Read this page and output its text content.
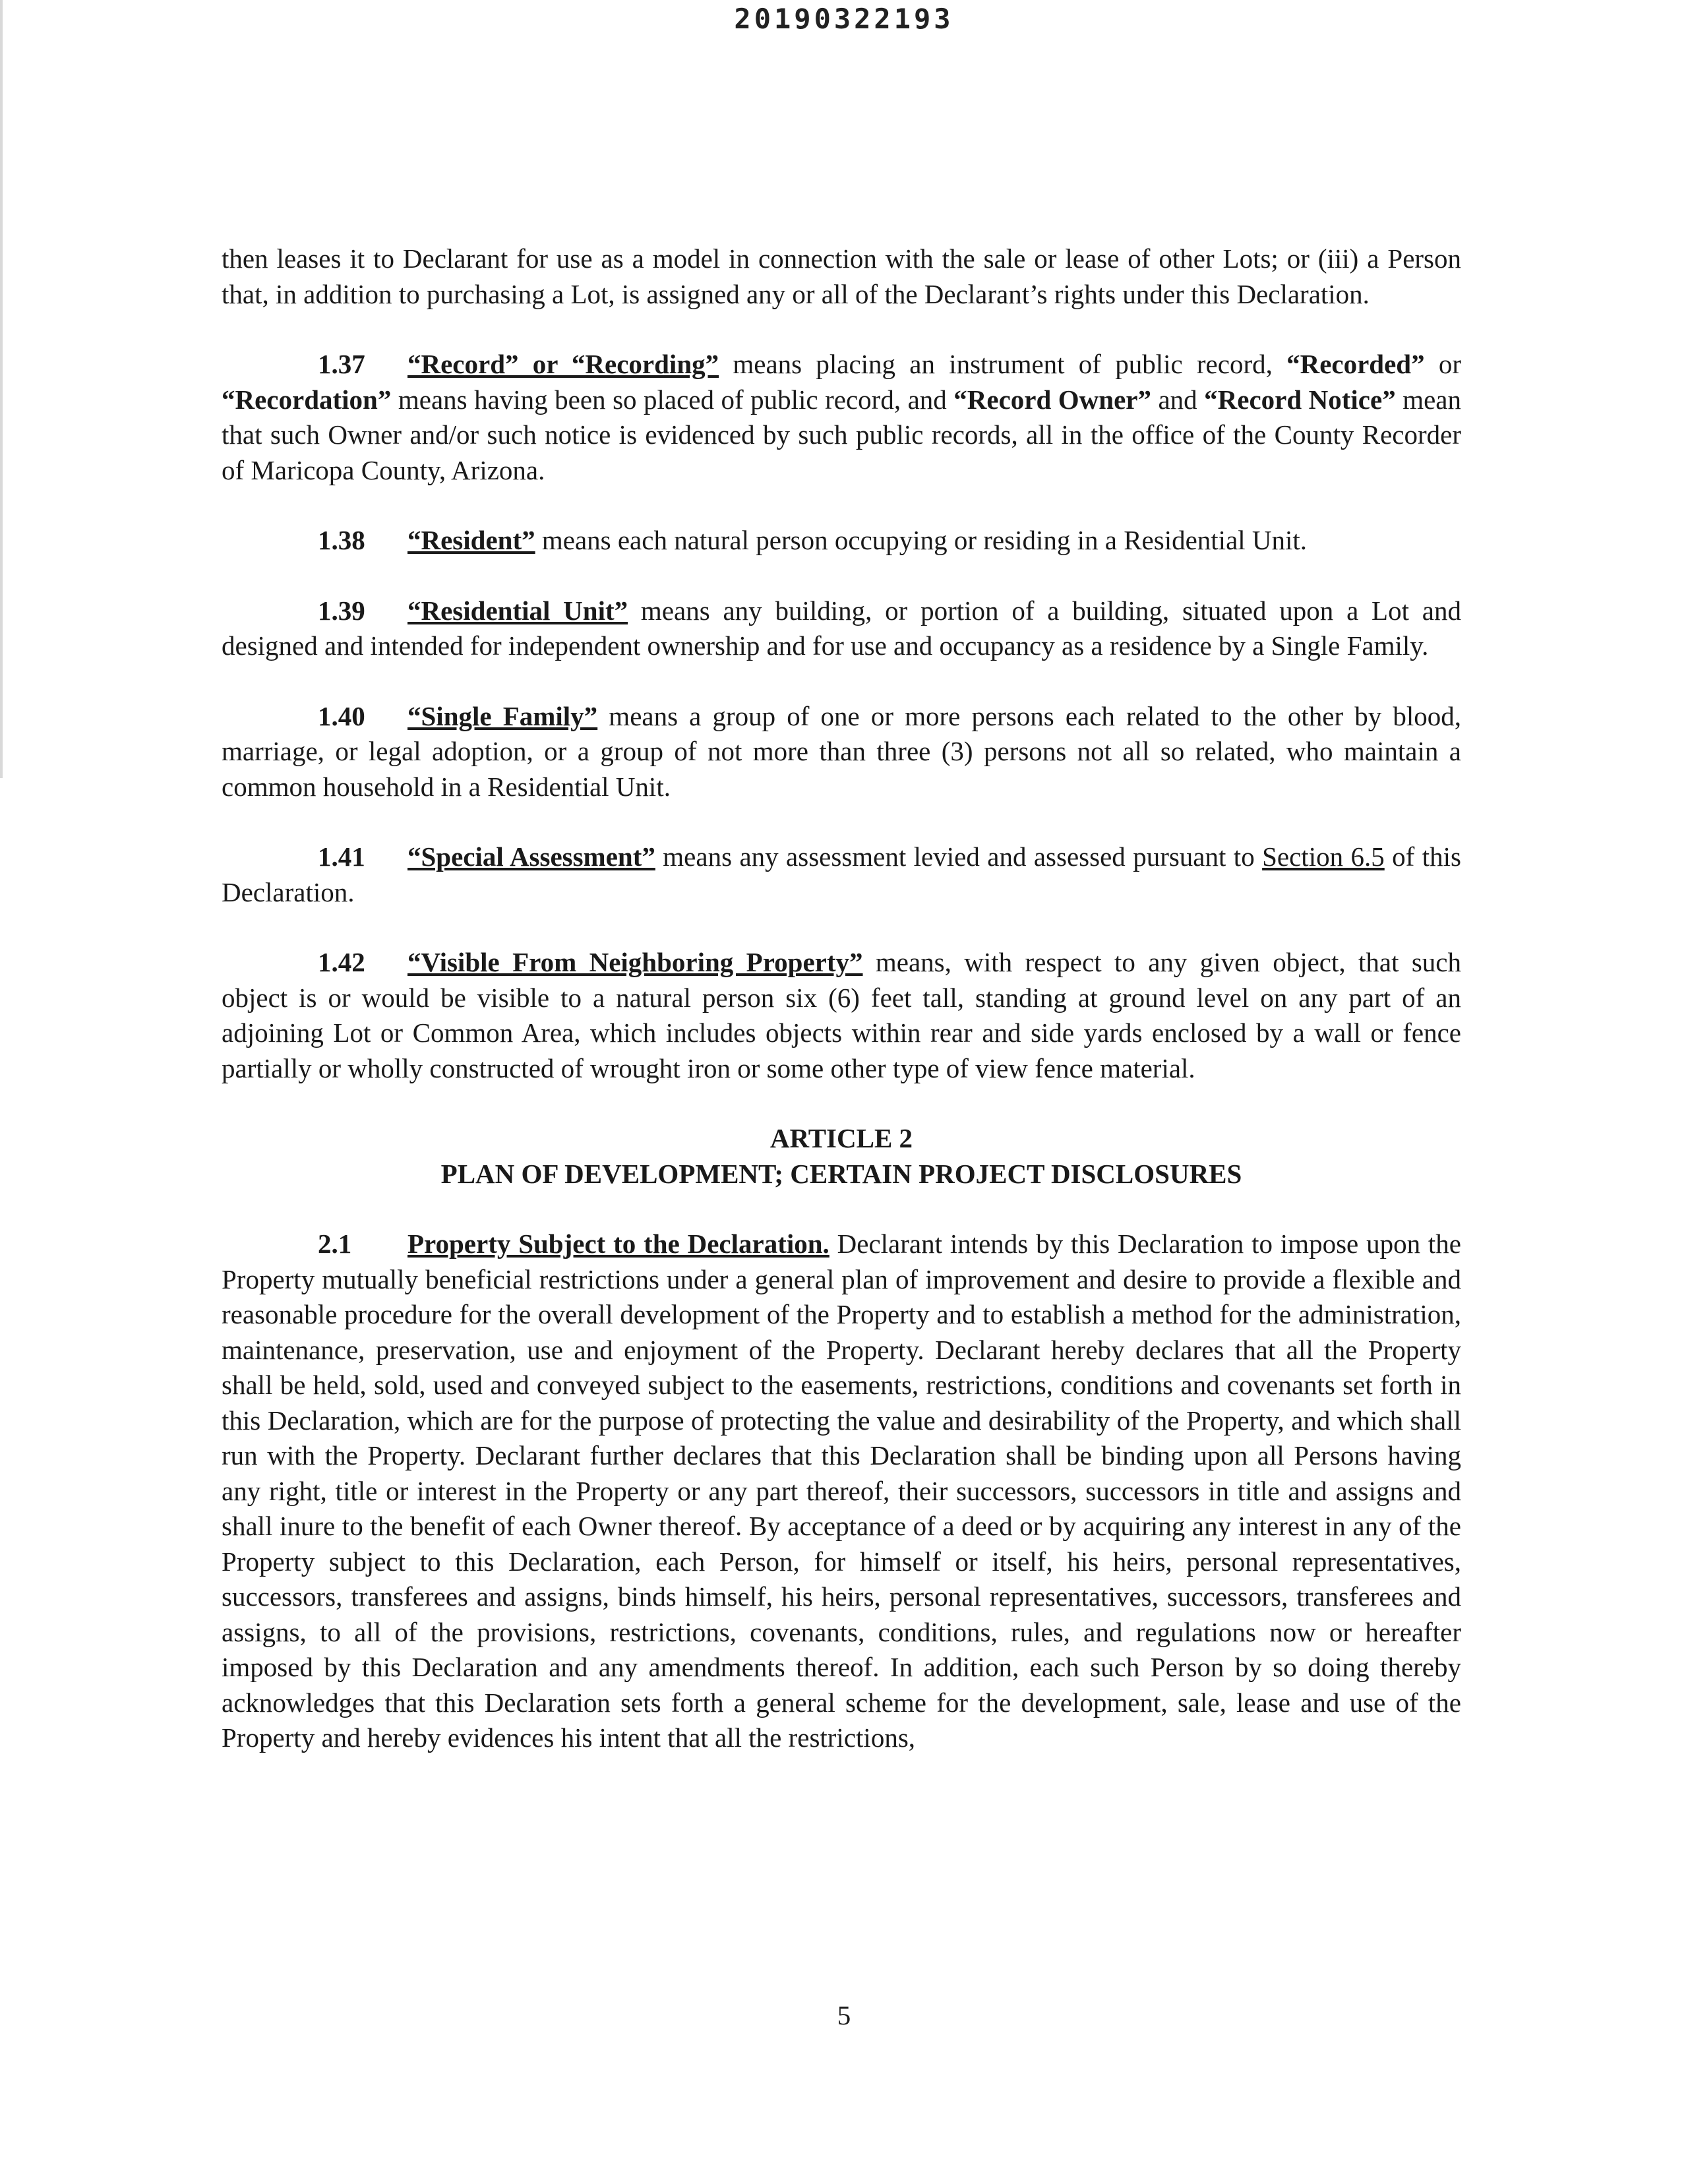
20190322193

then leases it to Declarant for use as a model in connection with the sale or lease of other Lots; or (iii) a Person that, in addition to purchasing a Lot, is assigned any or all of the Declarant’s rights under this Declaration.

1.37 “Record” or “Recording” means placing an instrument of public record, “Recorded” or “Recordation” means having been so placed of public record, and “Record Owner” and “Record Notice” mean that such Owner and/or such notice is evidenced by such public records, all in the office of the County Recorder of Maricopa County, Arizona.

1.38 “Resident” means each natural person occupying or residing in a Residential Unit.

1.39 “Residential Unit” means any building, or portion of a building, situated upon a Lot and designed and intended for independent ownership and for use and occupancy as a residence by a Single Family.

1.40 “Single Family” means a group of one or more persons each related to the other by blood, marriage, or legal adoption, or a group of not more than three (3) persons not all so related, who maintain a common household in a Residential Unit.

1.41 “Special Assessment” means any assessment levied and assessed pursuant to Section 6.5 of this Declaration.

1.42 “Visible From Neighboring Property” means, with respect to any given object, that such object is or would be visible to a natural person six (6) feet tall, standing at ground level on any part of an adjoining Lot or Common Area, which includes objects within rear and side yards enclosed by a wall or fence partially or wholly constructed of wrought iron or some other type of view fence material.

ARTICLE 2
PLAN OF DEVELOPMENT; CERTAIN PROJECT DISCLOSURES

2.1 Property Subject to the Declaration. Declarant intends by this Declaration to impose upon the Property mutually beneficial restrictions under a general plan of improvement and desire to provide a flexible and reasonable procedure for the overall development of the Property and to establish a method for the administration, maintenance, preservation, use and enjoyment of the Property. Declarant hereby declares that all the Property shall be held, sold, used and conveyed subject to the easements, restrictions, conditions and covenants set forth in this Declaration, which are for the purpose of protecting the value and desirability of the Property, and which shall run with the Property. Declarant further declares that this Declaration shall be binding upon all Persons having any right, title or interest in the Property or any part thereof, their successors, successors in title and assigns and shall inure to the benefit of each Owner thereof. By acceptance of a deed or by acquiring any interest in any of the Property subject to this Declaration, each Person, for himself or itself, his heirs, personal representatives, successors, transferees and assigns, binds himself, his heirs, personal representatives, successors, transferees and assigns, to all of the provisions, restrictions, covenants, conditions, rules, and regulations now or hereafter imposed by this Declaration and any amendments thereof. In addition, each such Person by so doing thereby acknowledges that this Declaration sets forth a general scheme for the development, sale, lease and use of the Property and hereby evidences his intent that all the restrictions,

5
